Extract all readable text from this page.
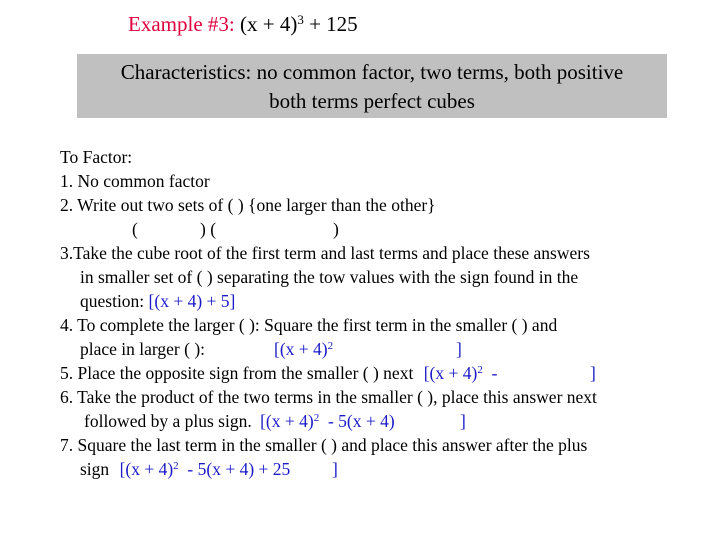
Example #3: $(x + 4)^3 + 125$
Characteristics: no common factor, two terms, both positive
both terms perfect cubes
To Factor:
1. No common factor
2. Write out two sets of ( ) {one larger than the other}
(	) (	)
3.Take the cube root of the first term and last terms and place these answers
in smaller set of ( ) separating the tow values with the sign found in the
question: [(x + 4) + 5]
4. To complete the larger ( ): Square the first term in the smaller ( ) and
place in larger ( ):	[$(x + 4)^2$	]
5. Place the opposite sign from the smaller ( ) next [$(x + 4)^2$  -	]
6. Take the product of the two terms in the smaller ( ), place this answer next
followed by a plus sign. [$(x + 4)^2 - 5(x + 4)$	]
7. Square the last term in the smaller ( ) and place this answer after the plus
sign [$(x + 4)^2 - 5(x + 4) + 25$ ]
